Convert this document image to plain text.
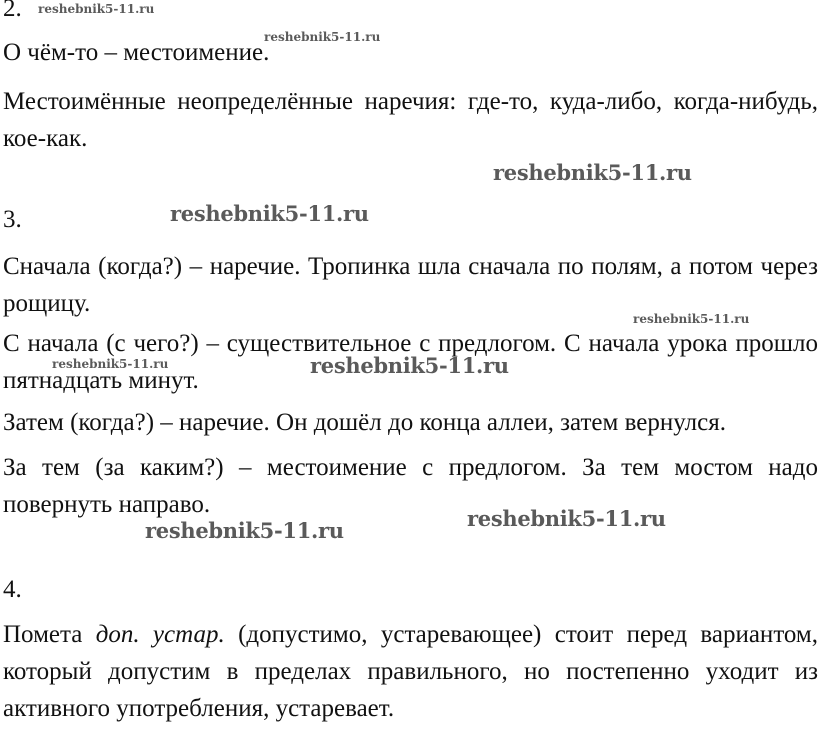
2.
О чём-то – местоимение.
Местоимённые неопределённые наречия: где-то, куда-либо, когда-нибудь, кое-как.
3.
Сначала (когда?) – наречие. Тропинка шла сначала по полям, а потом через рощицу.
С начала (с чего?) – существительное с предлогом. С начала урока прошло пятнадцать минут.
Затем (когда?) – наречие. Он дошёл до конца аллеи, затем вернулся.
За тем (за каким?) – местоимение с предлогом. За тем мостом надо повернуть направо.
4.
Помета доп. устар. (допустимо, устаревающее) стоит перед вариантом, который допустим в пределах правильного, но постепенно уходит из активного употребления, устаревает.
reshebnik5-11.ru
reshebnik5-11.ru
reshebnik5-11.ru
reshebnik5-11.ru
reshebnik5-11.ru
reshebnik5-11.ru	reshebnik5-11.ru
reshebnik5-11.ru	reshebnik5-11.ru
